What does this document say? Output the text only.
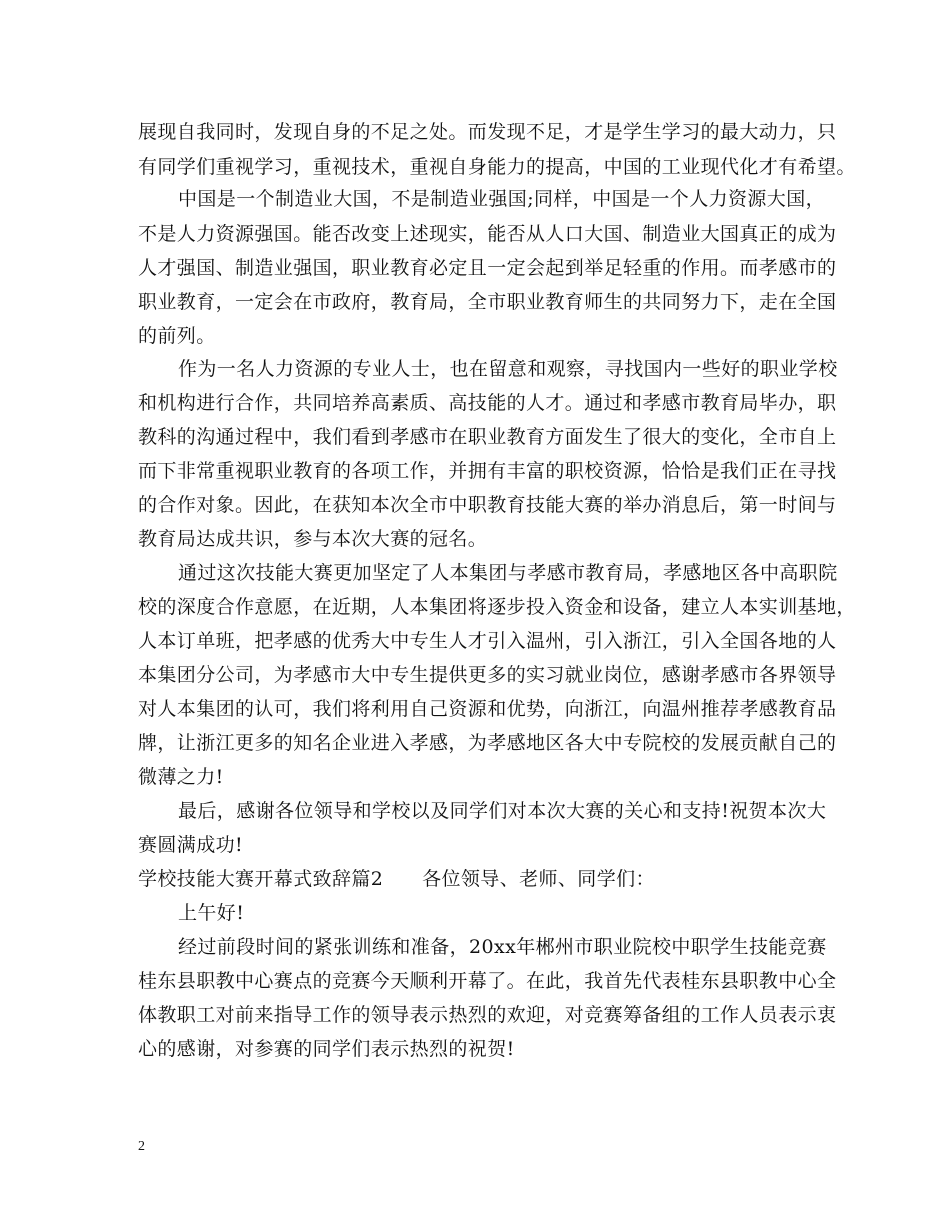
展现自我同时，发现自身的不足之处。而发现不足，才是学生学习的最大动力，只
有同学们重视学习，重视技术，重视自身能力的提高，中国的工业现代化才有希望。
中国是一个制造业大国，不是制造业强国;同样，中国是一个人力资源大国，
不是人力资源强国。能否改变上述现实，能否从人口大国、制造业大国真正的成为
人才强国、制造业强国，职业教育必定且一定会起到举足轻重的作用。而孝感市的
职业教育，一定会在市政府，教育局，全市职业教育师生的共同努力下，走在全国
的前列。
作为一名人力资源的专业人士，也在留意和观察，寻找国内一些好的职业学校
和机构进行合作，共同培养高素质、高技能的人才。通过和孝感市教育局毕办，职
教科的沟通过程中，我们看到孝感市在职业教育方面发生了很大的变化，全市自上
而下非常重视职业教育的各项工作，并拥有丰富的职校资源，恰恰是我们正在寻找
的合作对象。因此，在获知本次全市中职教育技能大赛的举办消息后，第一时间与
教育局达成共识，参与本次大赛的冠名。
通过这次技能大赛更加坚定了人本集团与孝感市教育局，孝感地区各中高职院
校的深度合作意愿，在近期，人本集团将逐步投入资金和设备，建立人本实训基地，
人本订单班，把孝感的优秀大中专生人才引入温州，引入浙江，引入全国各地的人
本集团分公司，为孝感市大中专生提供更多的实习就业岗位，感谢孝感市各界领导
对人本集团的认可，我们将利用自己资源和优势，向浙江，向温州推荐孝感教育品
牌，让浙江更多的知名企业进入孝感，为孝感地区各大中专院校的发展贡献自己的
微薄之力!
最后，感谢各位领导和学校以及同学们对本次大赛的关心和支持!祝贺本次大
赛圆满成功!
学校技能大赛开幕式致辞篇2　　各位领导、老师、同学们：
上午好!
经过前段时间的紧张训练和准备，20xx年郴州市职业院校中职学生技能竞赛
桂东县职教中心赛点的竞赛今天顺利开幕了。在此，我首先代表桂东县职教中心全
体教职工对前来指导工作的领导表示热烈的欢迎，对竞赛筹备组的工作人员表示衷
心的感谢，对参赛的同学们表示热烈的祝贺!
2
